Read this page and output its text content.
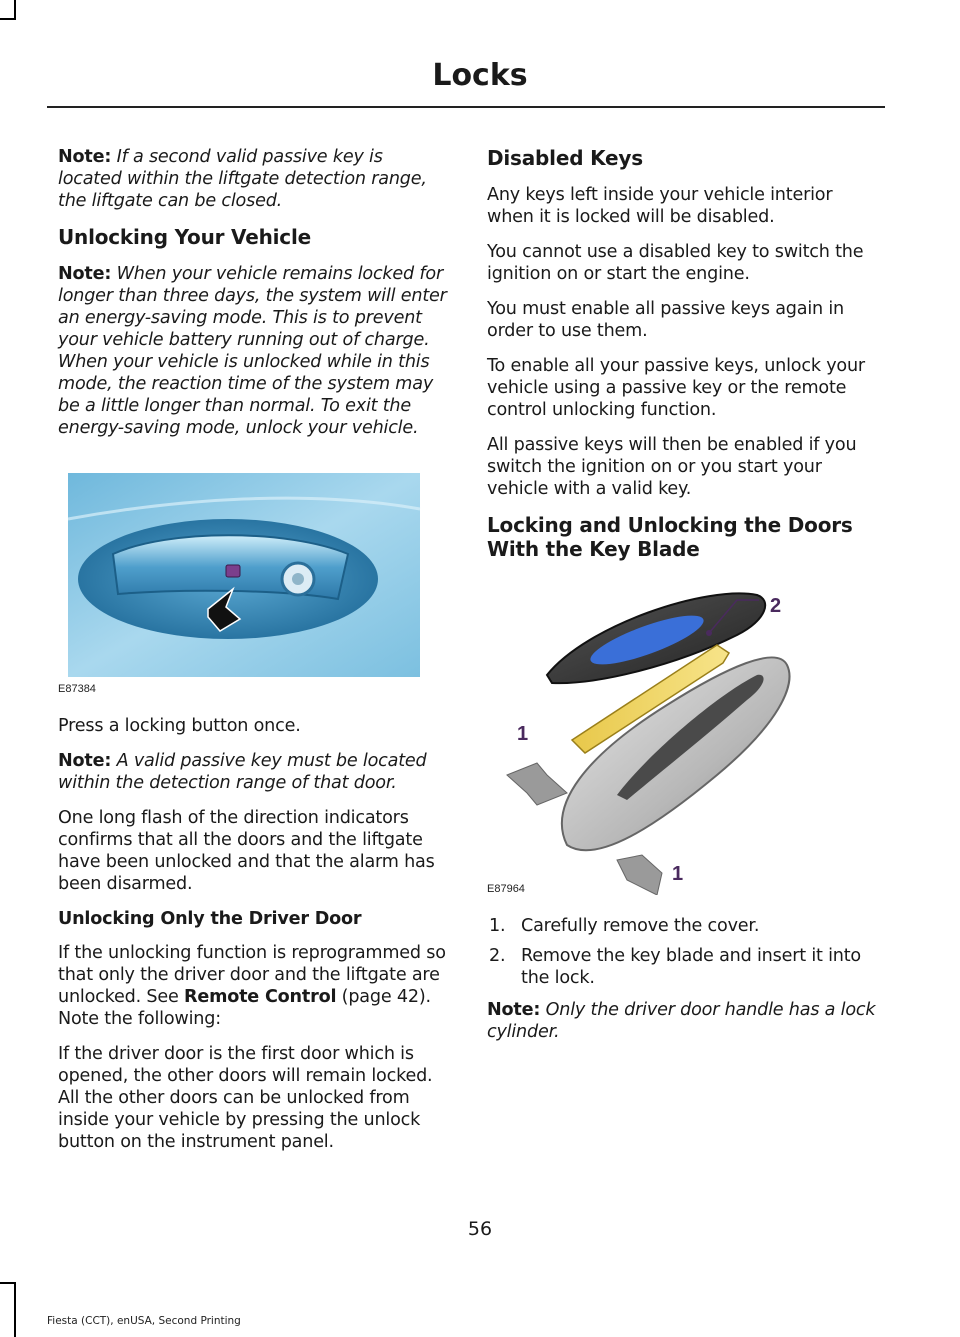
Locks

Note: If a second valid passive key is located within the liftgate detection range, the liftgate can be closed.

Unlocking Your Vehicle

Note: When your vehicle remains locked for longer than three days, the system will enter an energy-saving mode. This is to prevent your vehicle battery running out of charge. When your vehicle is unlocked while in this mode, the reaction time of the system may be a little longer than normal. To exit the energy-saving mode, unlock your vehicle.

E87384

Press a locking button once.

Note: A valid passive key must be located within the detection range of that door.

One long flash of the direction indicators confirms that all the doors and the liftgate have been unlocked and that the alarm has been disarmed.

Unlocking Only the Driver Door

If the unlocking function is reprogrammed so that only the driver door and the liftgate are unlocked. See Remote Control (page 42). Note the following:

If the driver door is the first door which is opened, the other doors will remain locked. All the other doors can be unlocked from inside your vehicle by pressing the unlock button on the instrument panel.

Disabled Keys

Any keys left inside your vehicle interior when it is locked will be disabled.

You cannot use a disabled key to switch the ignition on or start the engine.

You must enable all passive keys again in order to use them.

To enable all your passive keys, unlock your vehicle using a passive key or the remote control unlocking function.

All passive keys will then be enabled if you switch the ignition on or you start your vehicle with a valid key.

Locking and Unlocking the Doors With the Key Blade
2
1
1
E87964
1. Carefully remove the cover.
2. Remove the key blade and insert it into the lock.

Note: Only the driver door handle has a lock cylinder.

56
Fiesta (CCT), enUSA, Second Printing
